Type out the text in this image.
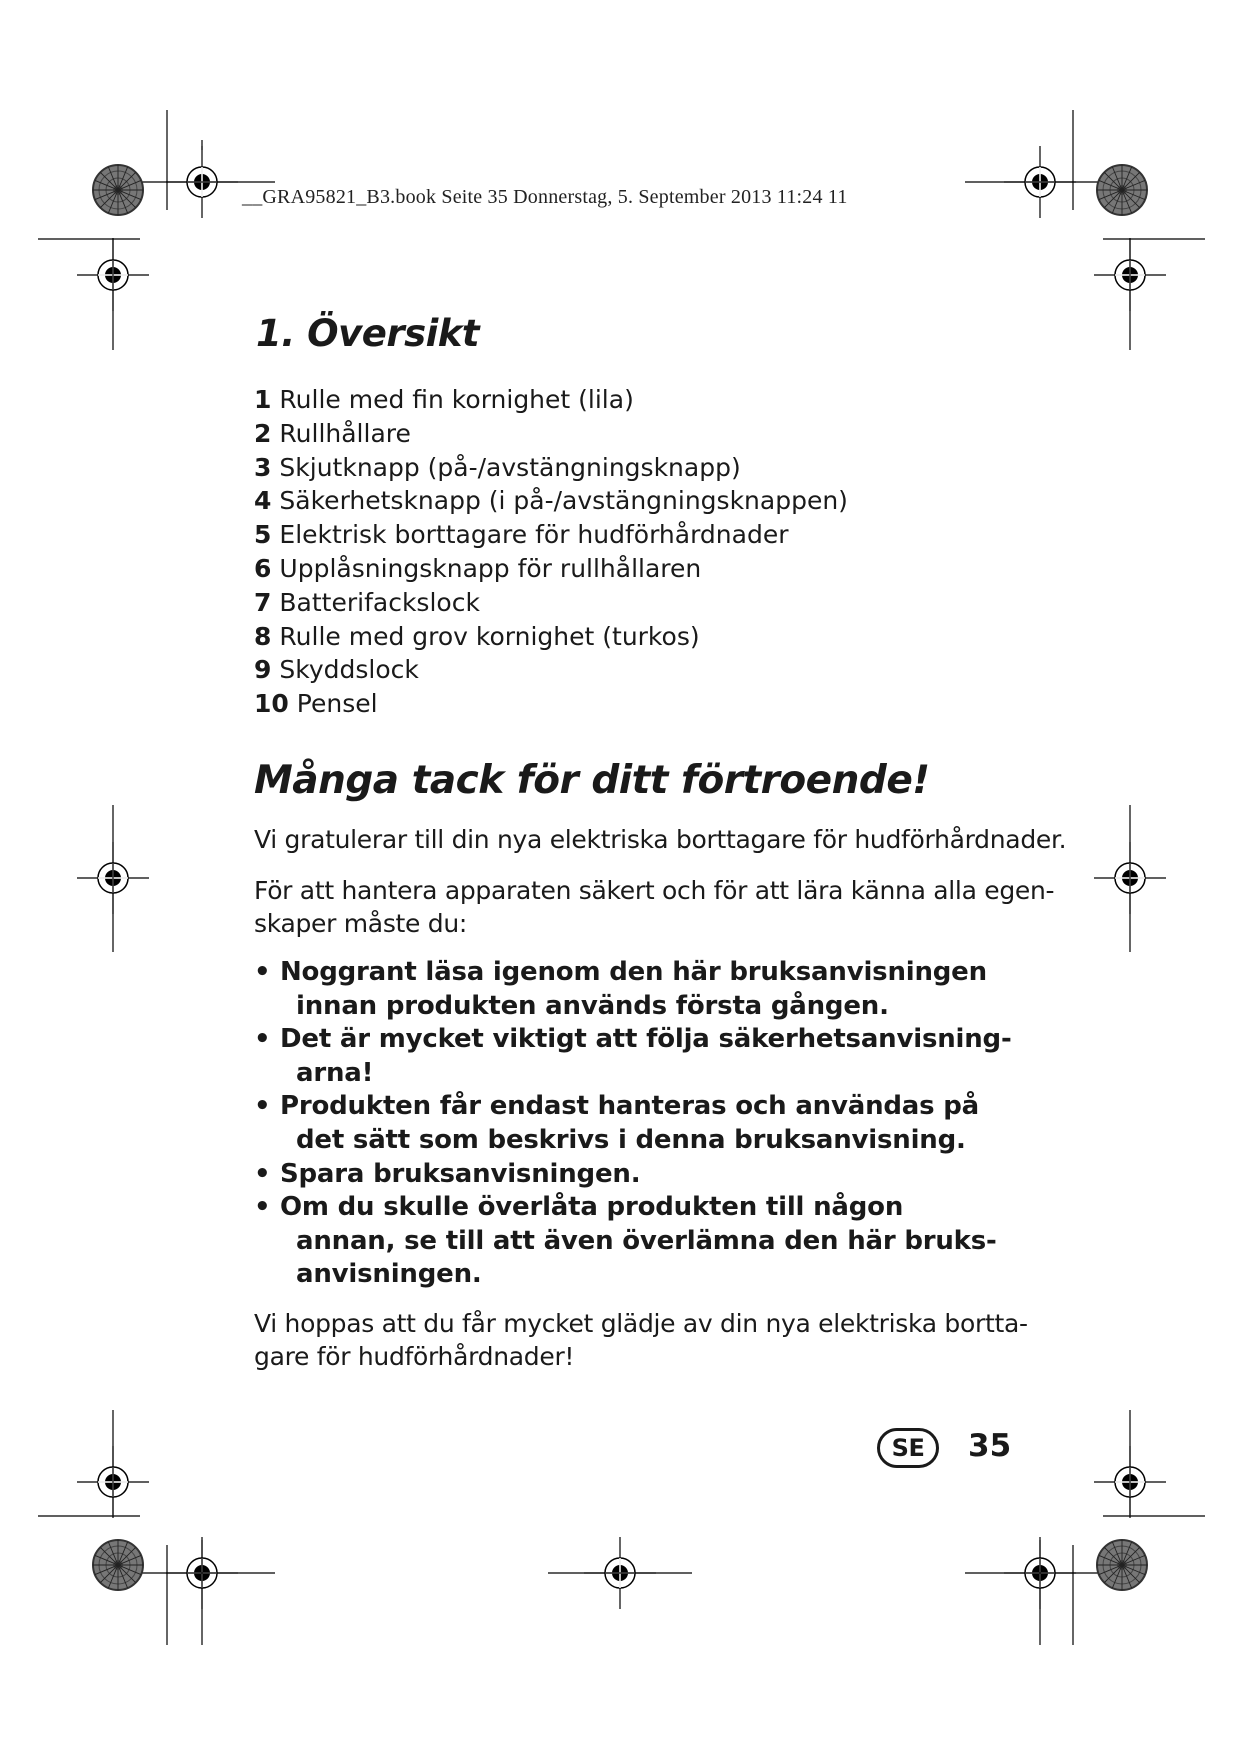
__GRA95821_B3.book Seite 35 Donnerstag, 5. September 2013 11:24 11
1. Översikt
1 Rulle med fin kornighet (lila)
2 Rullhållare
3 Skjutknapp (på-/avstängningsknapp)
4 Säkerhetsknapp (i på-/avstängningsknappen)
5 Elektrisk borttagare för hudförhårdnader
6 Upplåsningsknapp för rullhållaren
7 Batterifackslock
8 Rulle med grov kornighet (turkos)
9 Skyddslock
10 Pensel
Många tack för ditt förtroende!

Vi gratulerar till din nya elektriska borttagare för hudförhårdnader.

För att hantera apparaten säkert och för att lära känna alla egen-
skaper måste du:

• Noggrant läsa igenom den här bruksanvisningen
innan produkten används första gången.
• Det är mycket viktigt att följa säkerhetsanvisning-
arna!
• Produkten får endast hanteras och användas på
det sätt som beskrivs i denna bruksanvisning.
• Spara bruksanvisningen.
• Om du skulle överlåta produkten till någon
annan, se till att även överlämna den här bruks-
anvisningen.

Vi hoppas att du får mycket glädje av din nya elektriska bortta-
gare för hudförhårdnader!

SE	35
